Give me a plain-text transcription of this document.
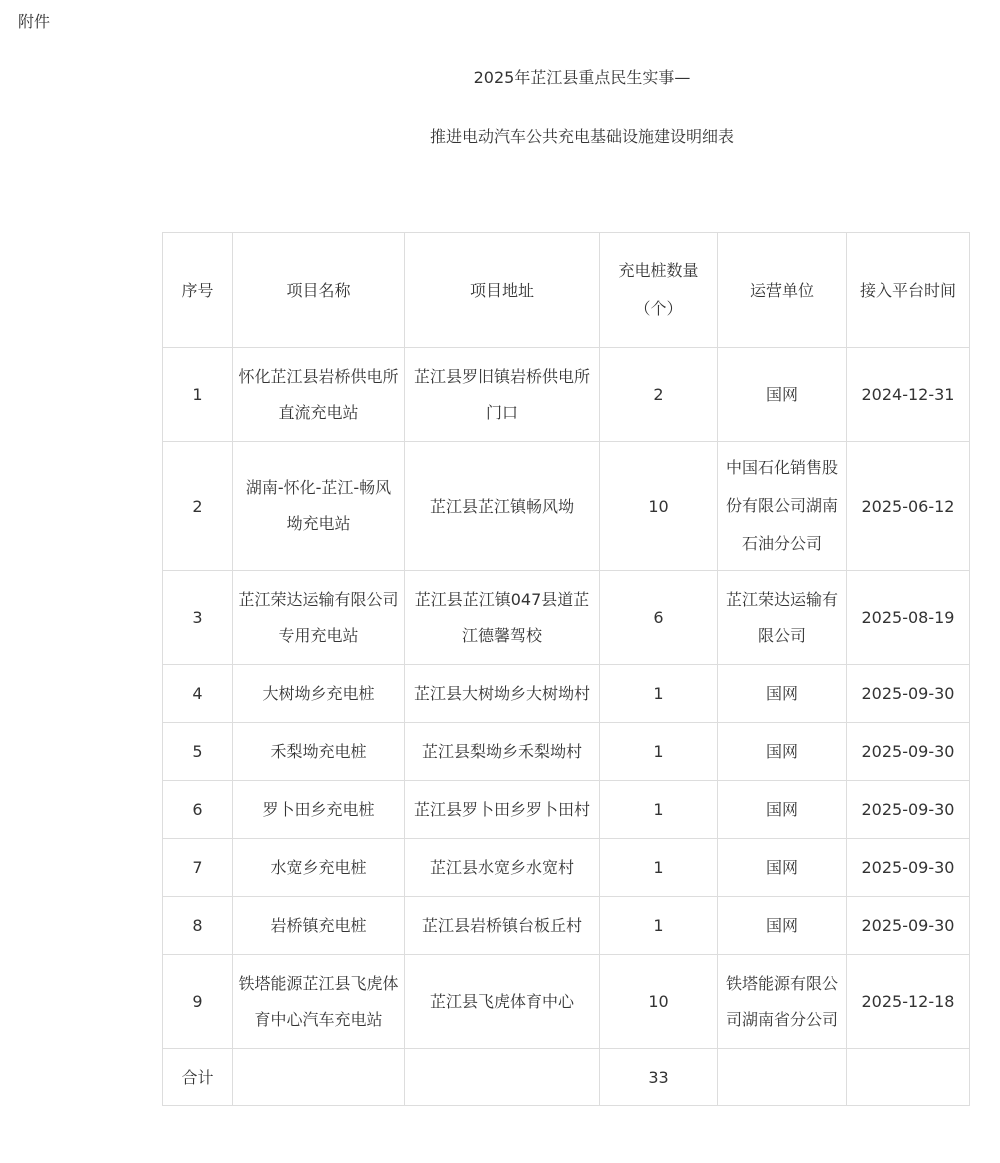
附件
2025年芷江县重点民生实事—
推进电动汽车公共充电基础设施建设明细表
序号	项目名称	项目地址	充电桩数量（个）	运营单位	接入平台时间
1	怀化芷江县岩桥供电所直流充电站	芷江县罗旧镇岩桥供电所门口	2	国网	2024-12-31
2	湖南-怀化-芷江-畅风坳充电站	芷江县芷江镇畅风坳	10	中国石化销售股份有限公司湖南石油分公司	2025-06-12
3	芷江荣达运输有限公司专用充电站	芷江县芷江镇047县道芷江德馨驾校	6	芷江荣达运输有限公司	2025-08-19
4	大树坳乡充电桩	芷江县大树坳乡大树坳村	1	国网	2025-09-30
5	禾梨坳充电桩	芷江县梨坳乡禾梨坳村	1	国网	2025-09-30
6	罗卜田乡充电桩	芷江县罗卜田乡罗卜田村	1	国网	2025-09-30
7	水宽乡充电桩	芷江县水宽乡水宽村	1	国网	2025-09-30
8	岩桥镇充电桩	芷江县岩桥镇台板丘村	1	国网	2025-09-30
9	铁塔能源芷江县飞虎体育中心汽车充电站	芷江县飞虎体育中心	10	铁塔能源有限公司湖南省分公司	2025-12-18
合计			33		
